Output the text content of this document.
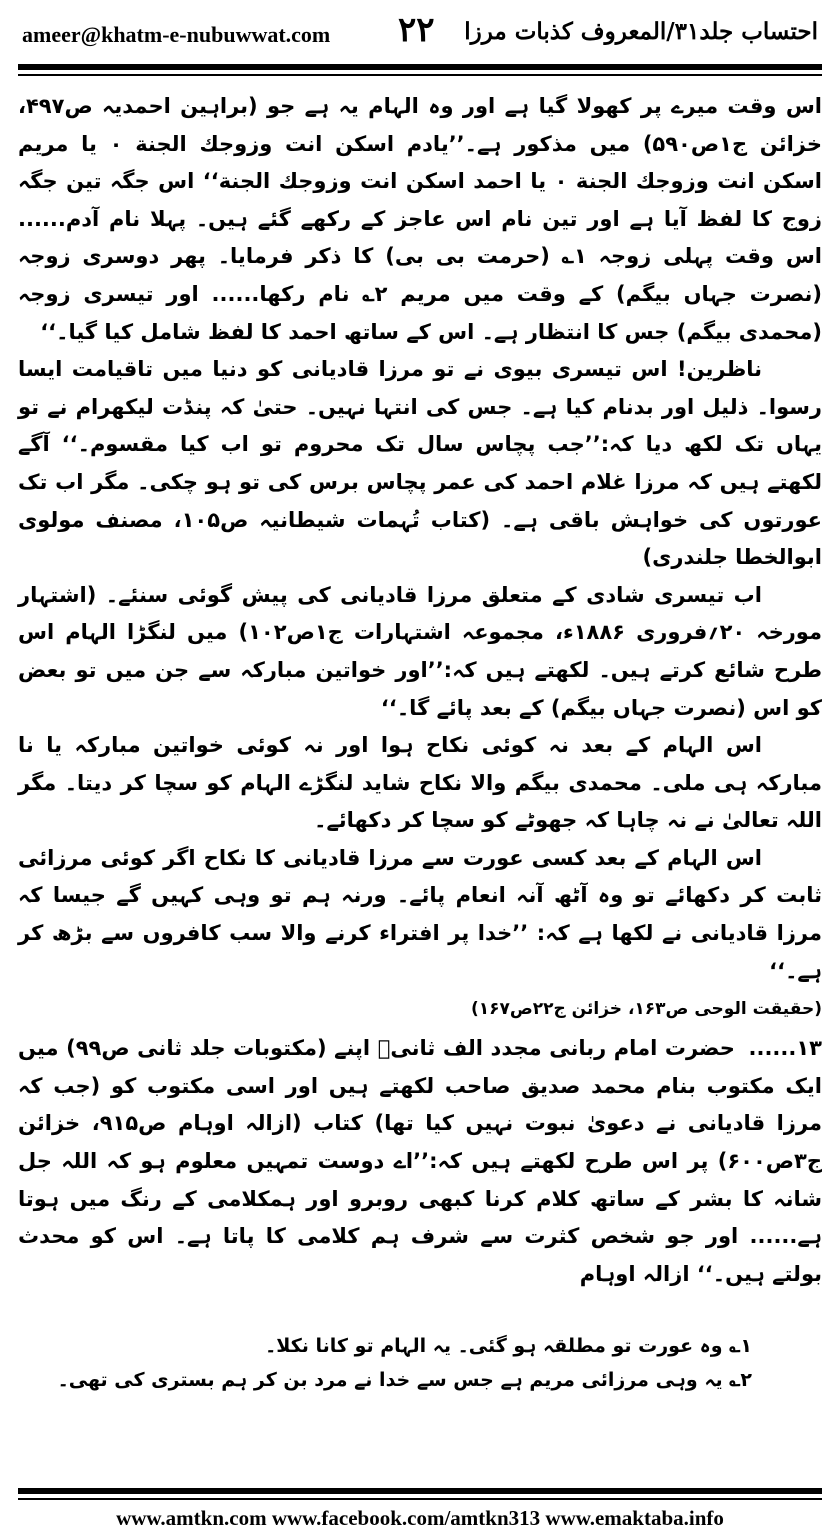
ameer@khatm-e-nubuwwat.com ۲۲ احتساب جلد۳۱/المعروف کذبات مرزا

اس وقت میرے پر کھولا گیا ہے اور وہ الہام یہ ہے جو (براہین احمدیہ ص۴۹۷، خزائن ج۱ص۵۹۰) میں مذکور ہے۔’’یادم اسکن انت وزوجك الجنة ۰ یا مریم اسکن انت وزوجك الجنة ۰ یا احمد اسکن انت وزوجك الجنة‘‘ اس جگہ تین جگہ زوج کا لفظ آیا ہے اور تین نام اس عاجز کے رکھے گئے ہیں۔ پہلا نام آدم...... اس وقت پہلی زوجہ ۱؎ (حرمت بی بی) کا ذکر فرمایا۔ پھر دوسری زوجہ (نصرت جہاں بیگم) کے وقت میں مریم ۲؎ نام رکھا...... اور تیسری زوجہ (محمدی بیگم) جس کا انتظار ہے۔ اس کے ساتھ احمد کا لفظ شامل کیا گیا۔‘‘

ناظرین! اس تیسری بیوی نے تو مرزا قادیانی کو دنیا میں تاقیامت ایسا رسوا۔ ذلیل اور بدنام کیا ہے۔ جس کی انتہا نہیں۔ حتیٰ کہ پنڈت لیکھرام نے تو یہاں تک لکھ دیا کہ:’’جب پچاس سال تک محروم تو اب کیا مقسوم۔‘‘ آگے لکھتے ہیں کہ مرزا غلام احمد کی عمر پچاس برس کی تو ہو چکی۔ مگر اب تک عورتوں کی خواہش باقی ہے۔ (کتاب تُہمات شیطانیہ ص۱۰۵، مصنف مولوی ابوالخطا جلندری)

اب تیسری شادی کے متعلق مرزا قادیانی کی پیش گوئی سنئے۔ (اشتہار مورخہ ۲۰؍فروری ۱۸۸۶ء، مجموعہ اشتہارات ج۱ص۱۰۲) میں لنگڑا الہام اس طرح شائع کرتے ہیں۔ لکھتے ہیں کہ:’’اور خواتین مبارکہ سے جن میں تو بعض کو اس (نصرت جہاں بیگم) کے بعد پائے گا۔‘‘

اس الہام کے بعد نہ کوئی نکاح ہوا اور نہ کوئی خواتین مبارکہ یا نا مبارکہ ہی ملی۔ محمدی بیگم والا نکاح شاید لنگڑے الہام کو سچا کر دیتا۔ مگر اللہ تعالیٰ نے نہ چاہا کہ جھوٹے کو سچا کر دکھائے۔

اس الہام کے بعد کسی عورت سے مرزا قادیانی کا نکاح اگر کوئی مرزائی ثابت کر دکھائے تو وہ آٹھ آنہ انعام پائے۔ ورنہ ہم تو وہی کہیں گے جیسا کہ مرزا قادیانی نے لکھا ہے کہ: ’’خدا پر افتراء کرنے والا سب کافروں سے بڑھ کر ہے۔‘‘

(حقیقت الوحی ص۱۶۳، خزائن ج۲۲ص۱۶۷)

۱۳...... حضرت امام ربانی مجدد الف ثانیؒ اپنے (مکتوبات جلد ثانی ص۹۹) میں ایک مکتوب بنام محمد صدیق صاحب لکھتے ہیں اور اسی مکتوب کو (جب کہ مرزا قادیانی نے دعویٰ نبوت نہیں کیا تھا) کتاب (ازالہ اوہام ص۹۱۵، خزائن ج۳ص۶۰۰) پر اس طرح لکھتے ہیں کہ:’’اے دوست تمہیں معلوم ہو کہ اللہ جل شانہ کا بشر کے ساتھ کلام کرنا کبھی روبرو اور ہمکلامی کے رنگ میں ہوتا ہے...... اور جو شخص کثرت سے شرف ہم کلامی کا پاتا ہے۔ اس کو محدث بولتے ہیں۔‘‘ ازالہ اوہام

۱؎ وہ عورت تو مطلقہ ہو گئی۔ یہ الہام تو کانا نکلا۔

۲؎ یہ وہی مرزائی مریم ہے جس سے خدا نے مرد بن کر ہم بستری کی تھی۔

www.amtkn.com www.facebook.com/amtkn313 www.emaktaba.info
